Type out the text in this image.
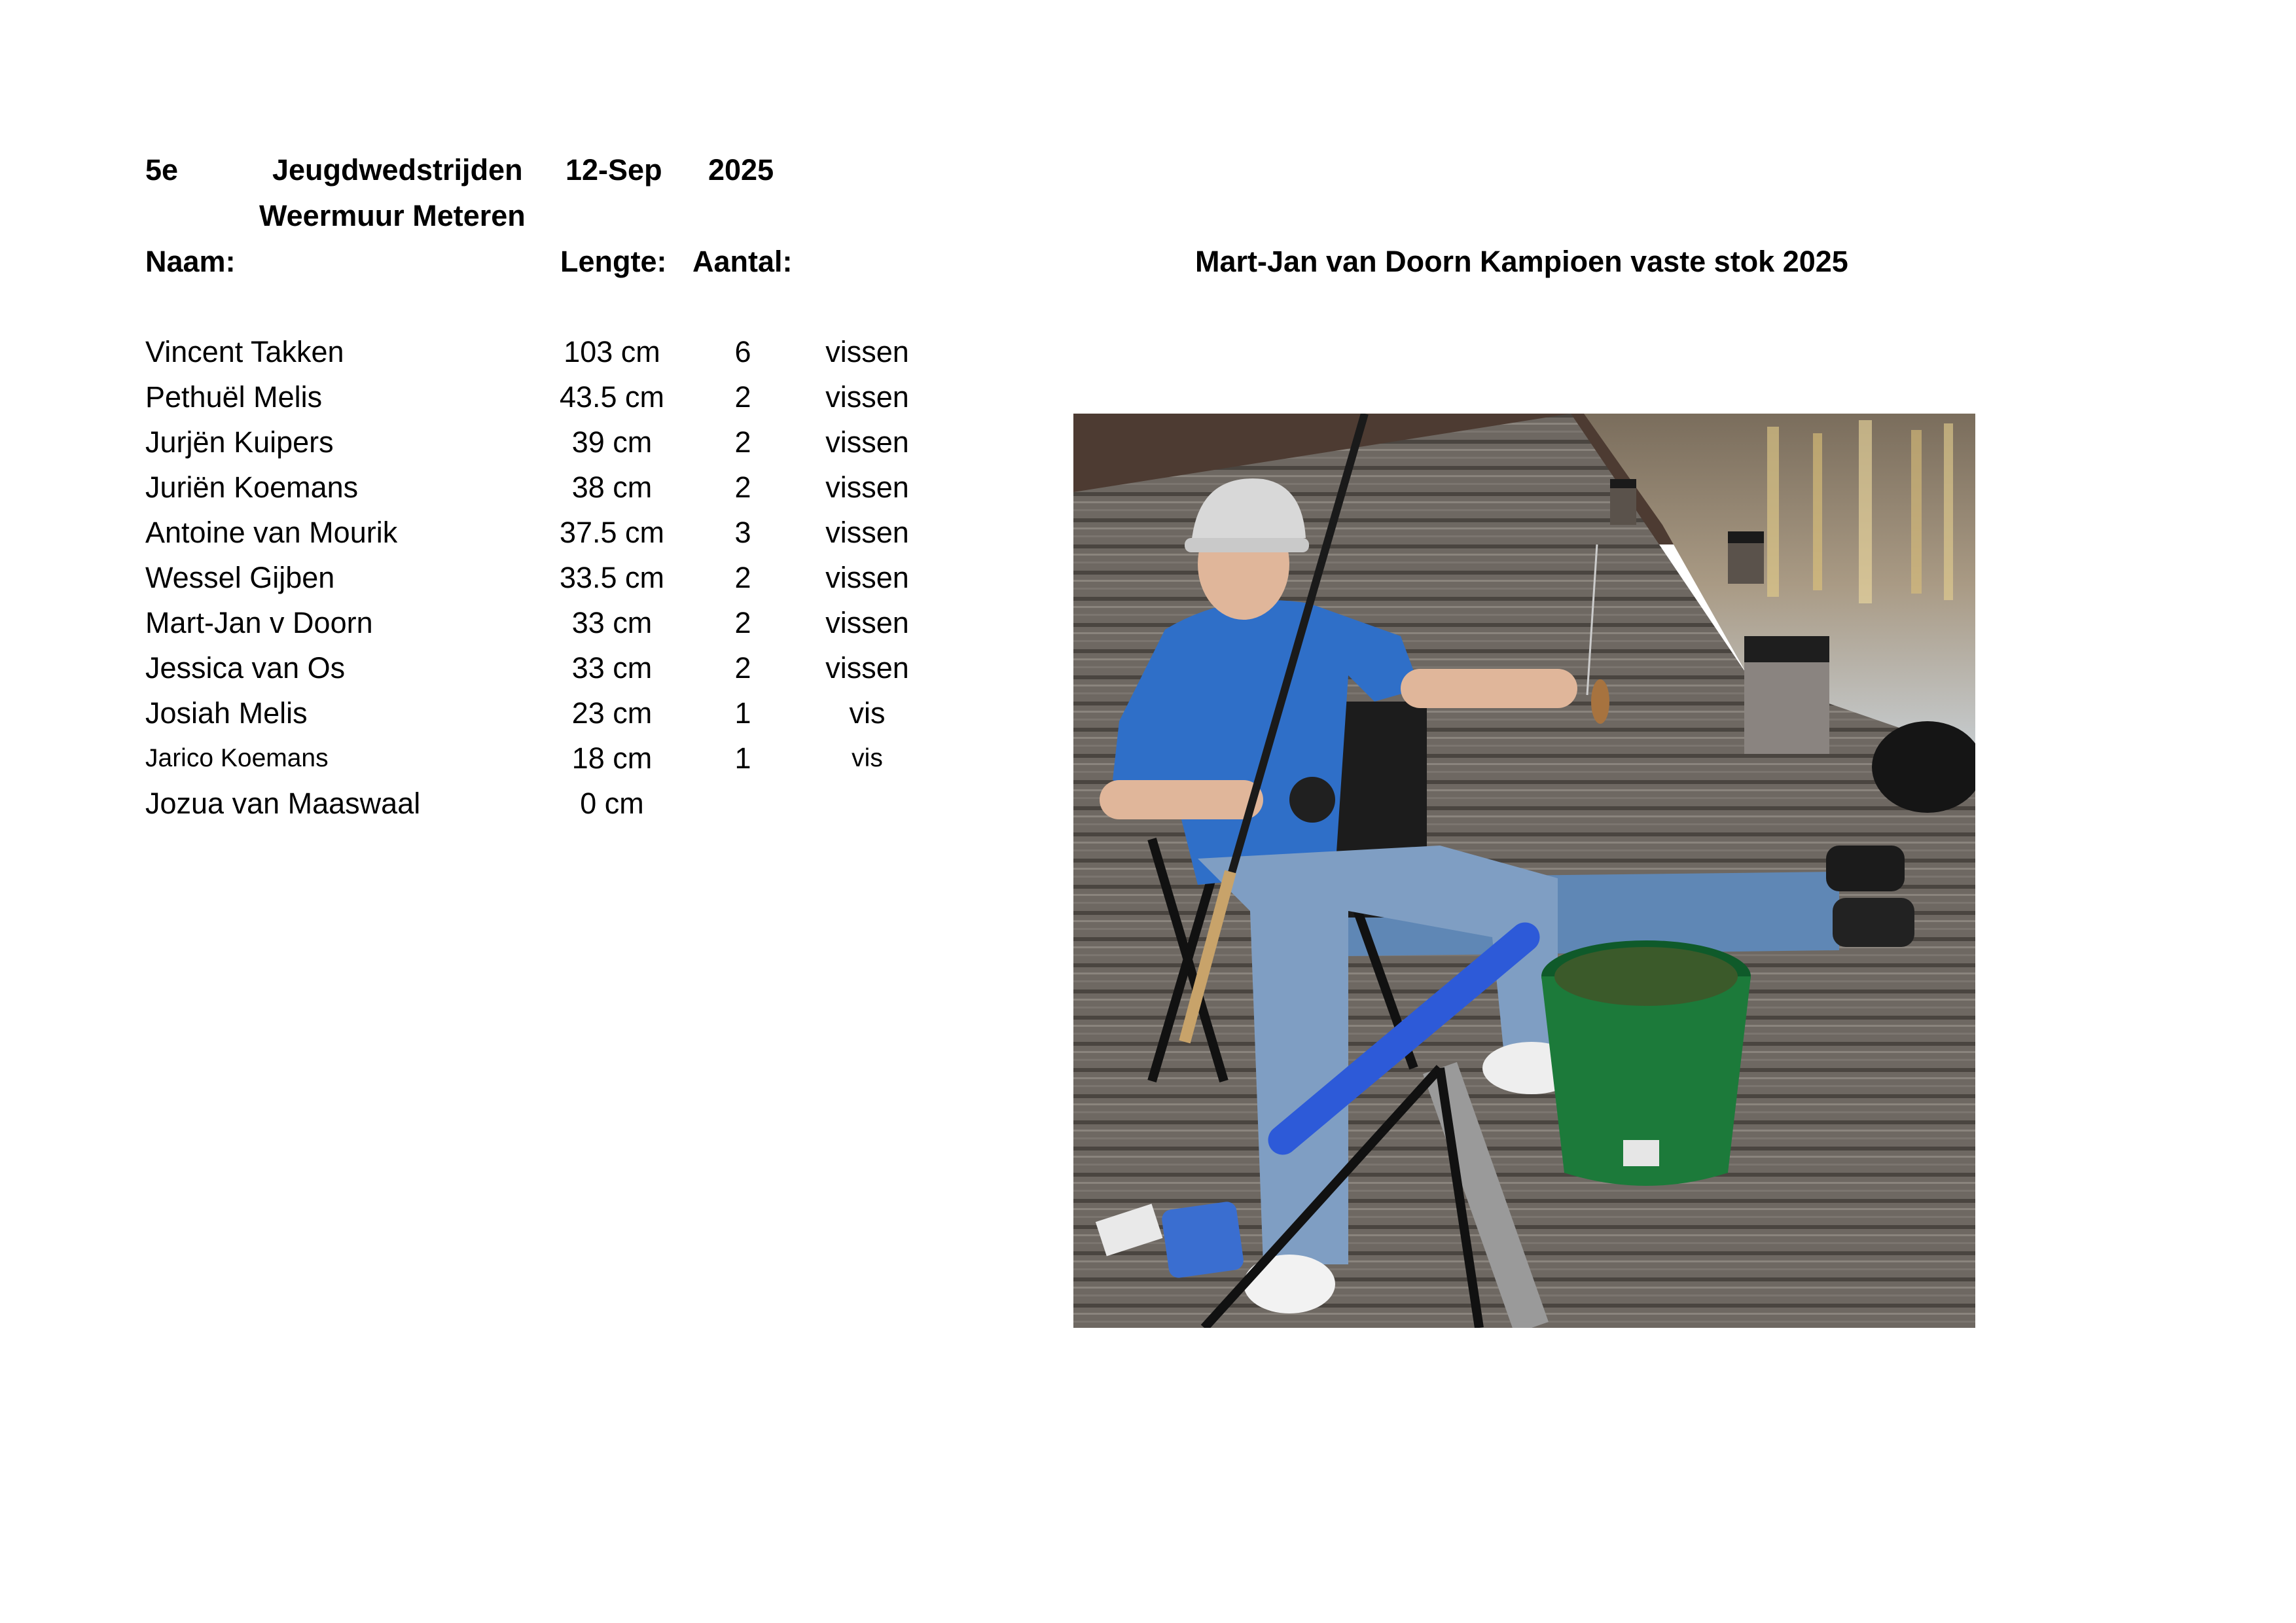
5e	Jeugdwedstrijden 12-Sep 2025
Weermuur Meteren
Naam:	Lengte: Aantal:	Mart-Jan van Doorn Kampioen vaste stok 2025
Vincent Takken	103 cm	6	vissen
Pethuël Melis	43.5 cm	2	vissen
Jurjën Kuipers	39 cm	2	vissen
Juriën Koemans	38 cm	2	vissen
Antoine van Mourik	37.5 cm	3	vissen
Wessel Gijben	33.5 cm	2	vissen
Mart-Jan v Doorn	33 cm	2	vissen
Jessica van Os	33 cm	2	vissen
Josiah Melis	23 cm	1	vis
Jarico Koemans	18 cm	1	vis
Jozua van Maaswaal	0 cm
